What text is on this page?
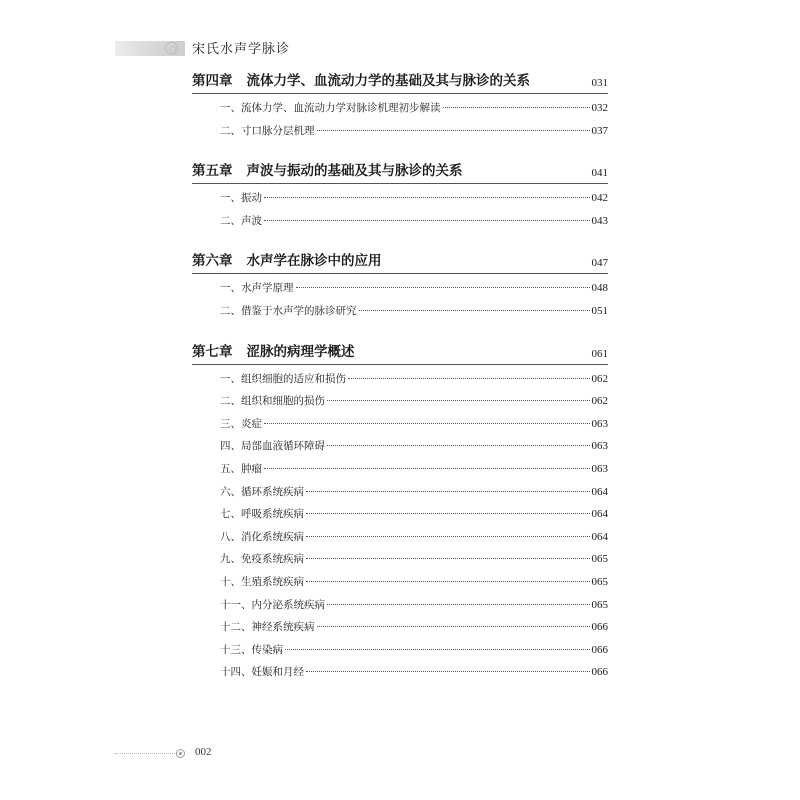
宋氏水声学脉诊
第四章 流体力学、血流动力学的基础及其与脉诊的关系	031
一、流体力学、血流动力学对脉诊机理初步解读	032
二、寸口脉分层机理	037
第五章 声波与振动的基础及其与脉诊的关系	041
一、振动	042
二、声波	043
第六章 水声学在脉诊中的应用	047
一、水声学原理	048
二、借鉴于水声学的脉诊研究	051
第七章 涩脉的病理学概述	061
一、组织细胞的适应和损伤	062
二、组织和细胞的损伤	062
三、炎症	063
四、局部血液循环障碍	063
五、肿瘤	063
六、循环系统疾病	064
七、呼吸系统疾病	064
八、消化系统疾病	064
九、免疫系统疾病	065
十、生殖系统疾病	065
十一、内分泌系统疾病	065
十二、神经系统疾病	066
十三、传染病	066
十四、妊娠和月经	066
002
